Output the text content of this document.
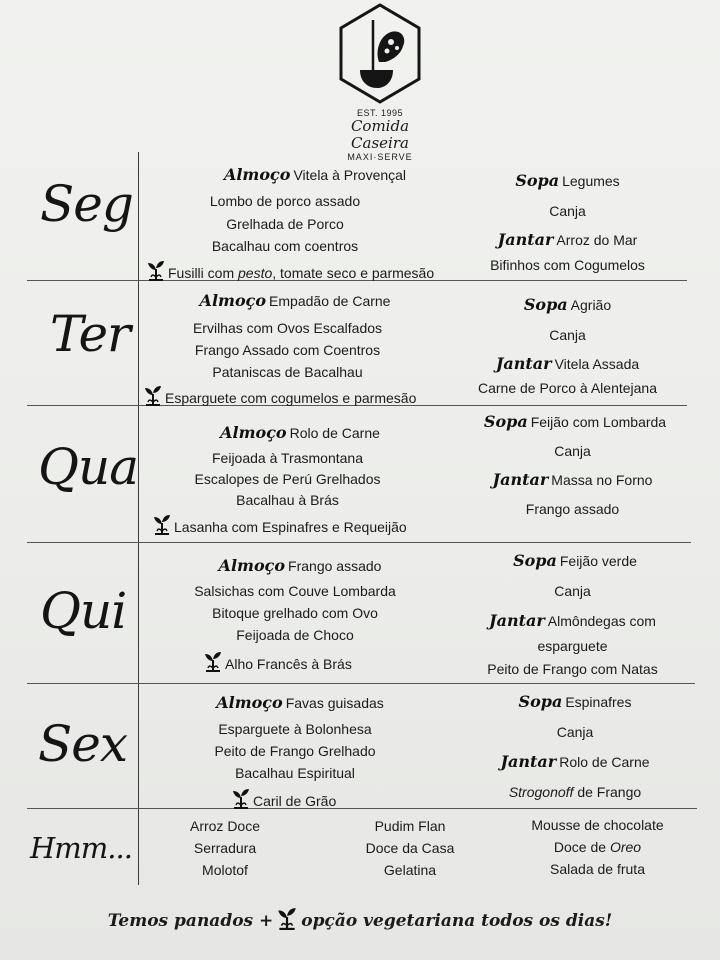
EST. 1995
Comida Caseira
MAXI·SERVE
Seg
Almoço Vitela à Provençal
Lombo de porco assado
Grelhada de Porco
Bacalhau com coentros
Fusilli com pesto, tomate seco e parmesão
Sopa Legumes
Canja
Jantar Arroz do Mar
Bifinhos com Cogumelos
Ter
Almoço Empadão de Carne
Ervilhas com Ovos Escalfados
Frango Assado com Coentros
Pataniscas de Bacalhau
Esparguete com cogumelos e parmesão
Sopa Agrião
Canja
Jantar Vitela Assada
Carne de Porco à Alentejana
Qua
Almoço Rolo de Carne
Feijoada à Trasmontana
Escalopes de Perú Grelhados
Bacalhau à Brás
Lasanha com Espinafres e Requeijão
Sopa Feijão com Lombarda
Canja
Jantar Massa no Forno
Frango assado
Qui
Almoço Frango assado
Salsichas com Couve Lombarda
Bitoque grelhado com Ovo
Feijoada de Choco
Alho Francês à Brás
Sopa Feijão verde
Canja
Jantar Almôndegas com
esparguete
Peito de Frango com Natas
Sex
Almoço Favas guisadas
Esparguete à Bolonhesa
Peito de Frango Grelhado
Bacalhau Espiritual
Caril de Grão
Sopa Espinafres
Canja
Jantar Rolo de Carne
Strogonoff de Frango
Hmm...
Arroz Doce
Serradura
Molotof
Pudim Flan
Doce da Casa
Gelatina
Mousse de chocolate
Doce de Oreo
Salada de fruta
Temos panados + opção vegetariana todos os dias!
